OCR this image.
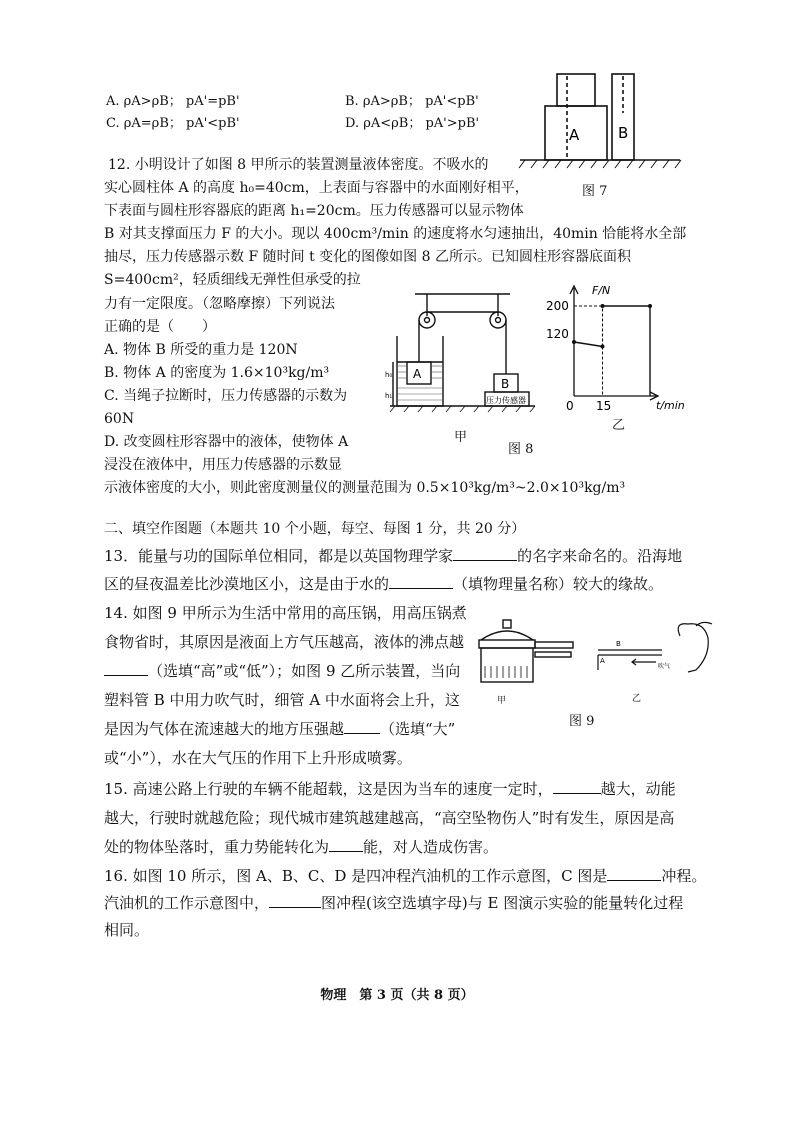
A. ρA>ρB； pA'=pB'	B. ρA>ρB； pA'<pB'
C. ρA=ρB； pA'<pB'	D. ρA<ρB； pA'>pB'
A	B
图 7
12. 小明设计了如图 8 甲所示的装置测量液体密度。不吸水的
实心圆柱体 A 的高度 h₀=40cm，上表面与容器中的水面刚好相平，
下表面与圆柱形容器底的距离 h₁=20cm。压力传感器可以显示物体
B 对其支撑面压力 F 的大小。现以 400cm³/min 的速度将水匀速抽出，40min 恰能将水全部
抽尽，压力传感器示数 F 随时间 t 变化的图像如图 8 乙所示。已知圆柱形容器底面积
S=400cm²，轻质细线无弹性但承受的拉
力有一定限度。（忽略摩擦）下列说法
正确的是（　　）
A. 物体 B 所受的重力是 120N
B. 物体 A 的密度为 1.6×10³kg/m³
C. 当绳子拉断时，压力传感器的示数为
60N
D. 改变圆柱形容器中的液体，使物体 A
浸没在液体中，用压力传感器的示数显
示液体密度的大小，则此密度测量仪的测量范围为 0.5×10³kg/m³~2.0×10³kg/m³
A
B
压力传感器
h₀
h₁
甲
图 8
F/N
t/min
200
120
0 15
乙
二、填空作图题（本题共 10 个小题，每空、每图 1 分，共 20 分）
13．能量与功的国际单位相同，都是以英国物理学家	的名字来命名的。沿海地
区的昼夜温差比沙漠地区小，这是由于水的	（填物理量名称）较大的缘故。
14. 如图 9 甲所示为生活中常用的高压锅，用高压锅煮
食物省时，其原因是液面上方气压越高，液体的沸点越
（选填“高”或“低”）；如图 9 乙所示装置，当向
塑料管 B 中用力吹气时，细管 A 中水面将会上升，这
是因为气体在流速越大的地方压强越 （选填“大”
或“小”），水在大气压的作用下上升形成喷雾。
甲
B
A
吹气
乙
图 9
15. 高速公路上行驶的车辆不能超载，这是因为当车的速度一定时，	越大，动能
越大，行驶时就越危险；现代城市建筑越建越高，“高空坠物伤人”时有发生，原因是高
处的物体坠落时，重力势能转化为 能，对人造成伤害。
16. 如图 10 所示，图 A、B、C、D 是四冲程汽油机的工作示意图，C 图是	冲程。
汽油机的工作示意图中，	图冲程(该空选填字母)与 E 图演示实验的能量转化过程
相同。
物理　第 3 页（共 8 页）
